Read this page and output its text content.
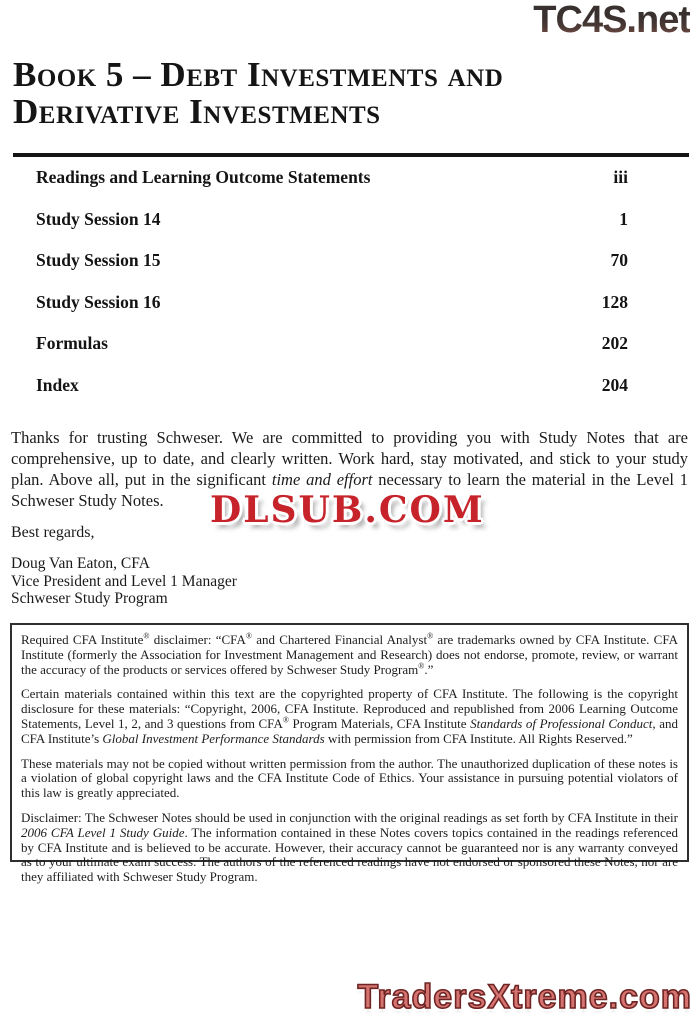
TC4S.net
Book 5 – Debt Investments and Derivative Investments
Readings and Learning Outcome Statements	iii
Study Session 14	1
Study Session 15	70
Study Session 16	128
Formulas	202
Index	204

Thanks for trusting Schweser. We are committed to providing you with Study Notes that are comprehensive, up to date, and clearly written. Work hard, stay motivated, and stick to your study plan. Above all, put in the significant time and effort necessary to learn the material in the Level 1 Schweser Study Notes.

Best regards,

DLSUB.COM
Doug Van Eaton, CFA
Vice President and Level 1 Manager
Schweser Study Program

Required CFA Institute® disclaimer: “CFA® and Chartered Financial Analyst® are trademarks owned by CFA Institute. CFA Institute (formerly the Association for Investment Management and Research) does not endorse, promote, review, or warrant the accuracy of the products or services offered by Schweser Study Program®.”

Certain materials contained within this text are the copyrighted property of CFA Institute. The following is the copyright disclosure for these materials: “Copyright, 2006, CFA Institute. Reproduced and republished from 2006 Learning Outcome Statements, Level 1, 2, and 3 questions from CFA® Program Materials, CFA Institute Standards of Professional Conduct, and CFA Institute’s Global Investment Performance Standards with permission from CFA Institute. All Rights Reserved.”

These materials may not be copied without written permission from the author. The unauthorized duplication of these notes is a violation of global copyright laws and the CFA Institute Code of Ethics. Your assistance in pursuing potential violators of this law is greatly appreciated.

Disclaimer: The Schweser Notes should be used in conjunction with the original readings as set forth by CFA Institute in their 2006 CFA Level 1 Study Guide. The information contained in these Notes covers topics contained in the readings referenced by CFA Institute and is believed to be accurate. However, their accuracy cannot be guaranteed nor is any warranty conveyed as to your ultimate exam success. The authors of the referenced readings have not endorsed or sponsored these Notes, nor are they affiliated with Schweser Study Program.

TradersXtreme.com
